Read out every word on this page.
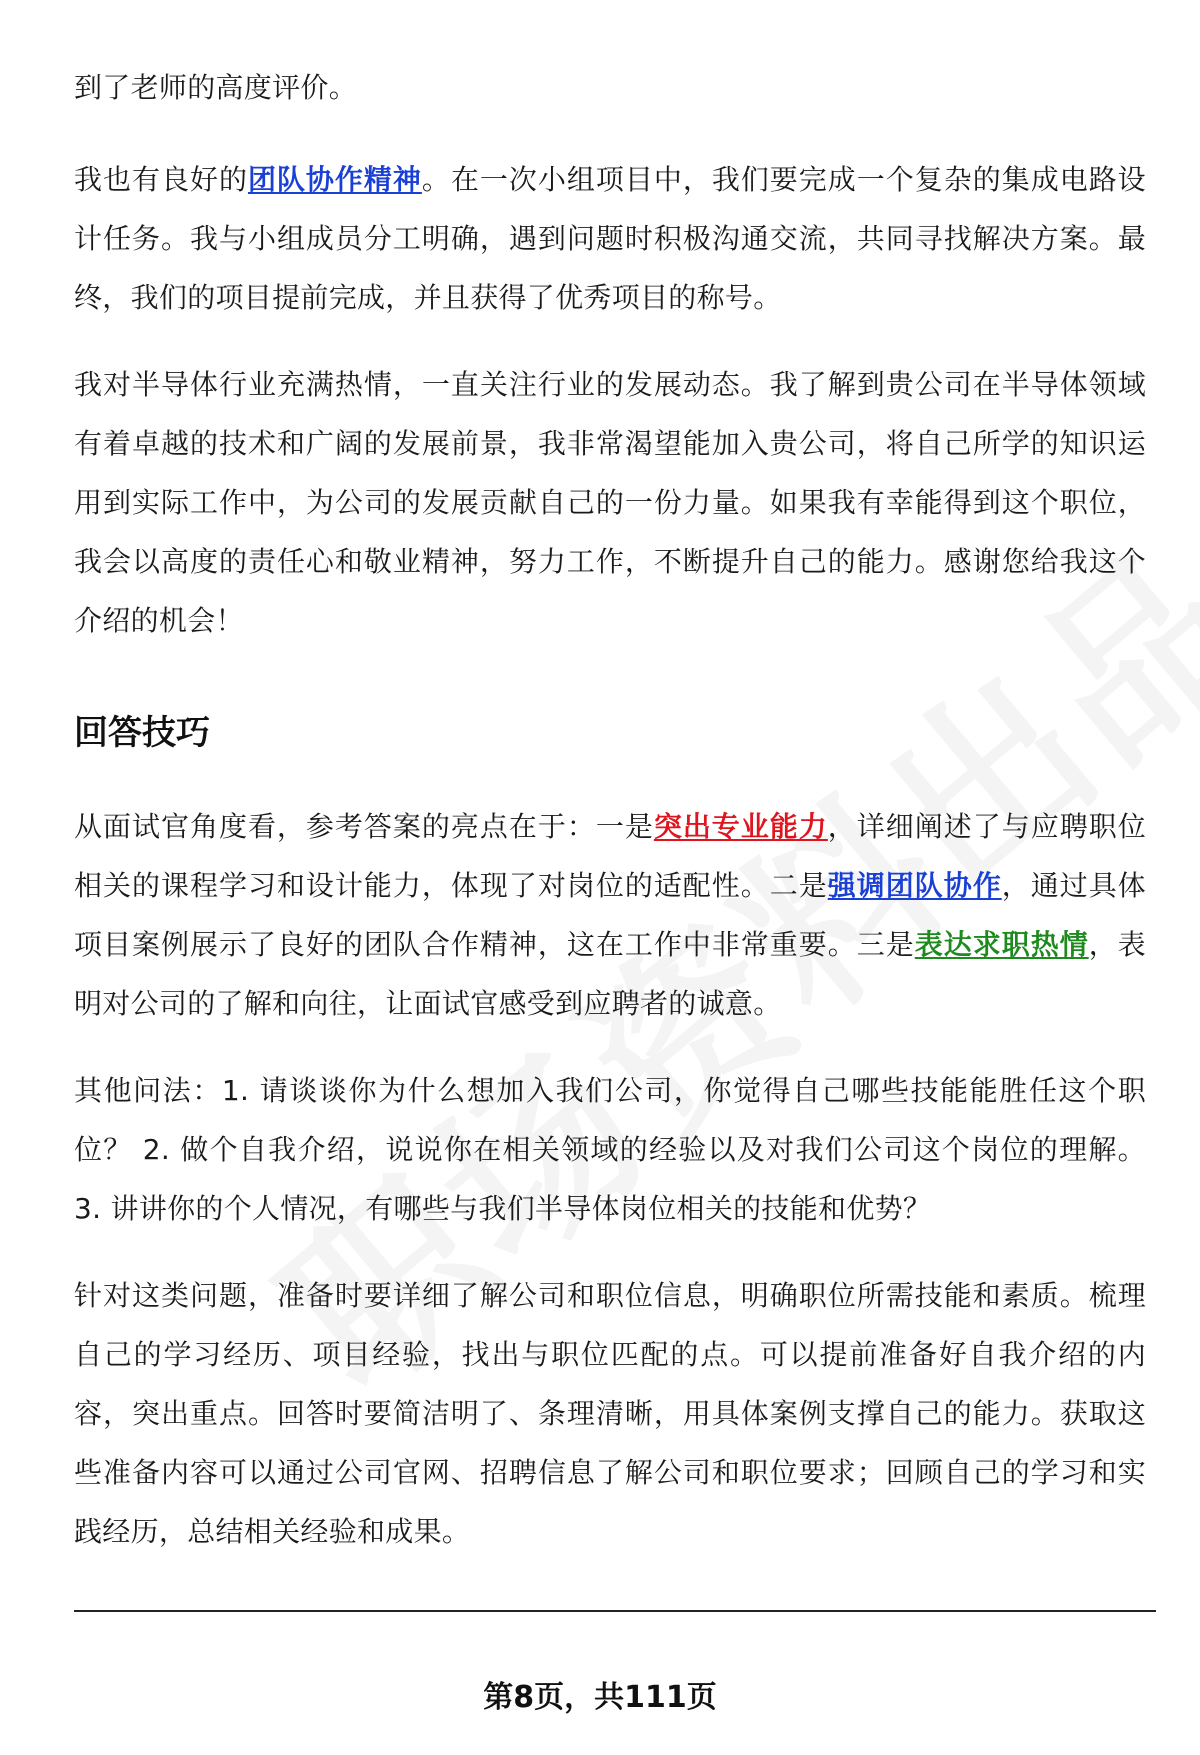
到了老师的高度评价。

我也有良好的团队协作精神。在一次小组项目中，我们要完成一个复杂的集成电路设计任务。我与小组成员分工明确，遇到问题时积极沟通交流，共同寻找解决方案。最终，我们的项目提前完成，并且获得了优秀项目的称号。

我对半导体行业充满热情，一直关注行业的发展动态。我了解到贵公司在半导体领域有着卓越的技术和广阔的发展前景，我非常渴望能加入贵公司，将自己所学的知识运用到实际工作中，为公司的发展贡献自己的一份力量。如果我有幸能得到这个职位，我会以高度的责任心和敬业精神，努力工作，不断提升自己的能力。感谢您给我这个介绍的机会！

回答技巧

从面试官角度看，参考答案的亮点在于：一是突出专业能力，详细阐述了与应聘职位相关的课程学习和设计能力，体现了对岗位的适配性。二是强调团队协作，通过具体项目案例展示了良好的团队合作精神，这在工作中非常重要。三是表达求职热情，表明对公司的了解和向往，让面试官感受到应聘者的诚意。

其他问法：1. 请谈谈你为什么想加入我们公司，你觉得自己哪些技能能胜任这个职位？ 2. 做个自我介绍，说说你在相关领域的经验以及对我们公司这个岗位的理解。 3. 讲讲你的个人情况，有哪些与我们半导体岗位相关的技能和优势？

针对这类问题，准备时要详细了解公司和职位信息，明确职位所需技能和素质。梳理自己的学习经历、项目经验，找出与职位匹配的点。可以提前准备好自我介绍的内容，突出重点。回答时要简洁明了、条理清晰，用具体案例支撑自己的能力。获取这些准备内容可以通过公司官网、招聘信息了解公司和职位要求；回顾自己的学习和实践经历，总结相关经验和成果。

第8页，共111页
